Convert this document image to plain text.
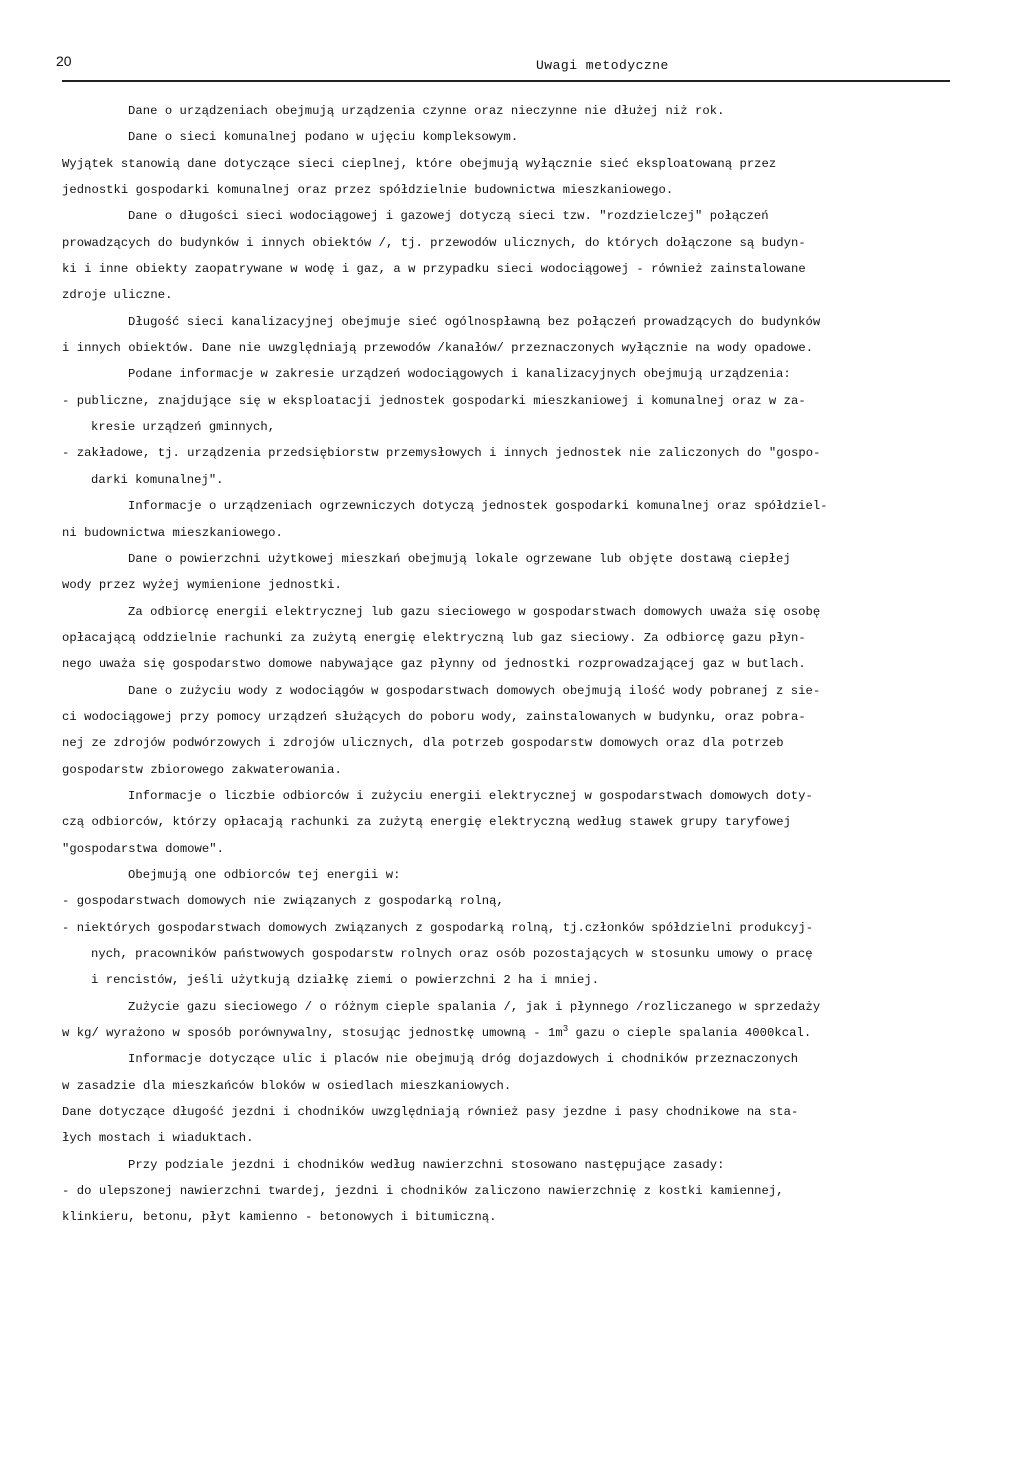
20	Uwagi metodyczne
Dane o urządzeniach obejmują urządzenia czynne oraz nieczynne nie dłużej niż rok.
Dane o sieci komunalnej podano w ujęciu kompleksowym.
Wyjątek stanowią dane dotyczące sieci cieplnej, które obejmują wyłącznie sieć eksploatowaną przez
jednostki gospodarki komunalnej oraz przez spółdzielnie budownictwa mieszkaniowego.
Dane o długości sieci wodociągowej i gazowej dotyczą sieci tzw. "rozdzielczej" połączeń
prowadzących do budynków i innych obiektów /, tj. przewodów ulicznych, do których dołączone są budyn-
ki i inne obiekty zaopatrywane w wodę i gaz, a w przypadku sieci wodociągowej - również zainstalowane
zdroje uliczne.
Długość sieci kanalizacyjnej obejmuje sieć ogólnospławną bez połączeń prowadzących do budynków
i innych obiektów. Dane nie uwzględniają przewodów /kanałów/ przeznaczonych wyłącznie na wody opadowe.
Podane informacje w zakresie urządzeń wodociągowych i kanalizacyjnych obejmują urządzenia:
- publiczne, znajdujące się w eksploatacji jednostek gospodarki mieszkaniowej i komunalnej oraz w za-
kresie urządzeń gminnych,
- zakładowe, tj. urządzenia przedsiębiorstw przemysłowych i innych jednostek nie zaliczonych do "gospo-
darki komunalnej".
Informacje o urządzeniach ogrzewniczych dotyczą jednostek gospodarki komunalnej oraz spółdziel-
ni budownictwa mieszkaniowego.
Dane o powierzchni użytkowej mieszkań obejmują lokale ogrzewane lub objęte dostawą ciepłej
wody przez wyżej wymienione jednostki.
Za odbiorcę energii elektrycznej lub gazu sieciowego w gospodarstwach domowych uważa się osobę
opłacającą oddzielnie rachunki za zużytą energię elektryczną lub gaz sieciowy. Za odbiorcę gazu płyn-
nego uważa się gospodarstwo domowe nabywające gaz płynny od jednostki rozprowadzającej gaz w butlach.
Dane o zużyciu wody z wodociągów w gospodarstwach domowych obejmują ilość wody pobranej z sie-
ci wodociągowej przy pomocy urządzeń służących do poboru wody, zainstalowanych w budynku, oraz pobra-
nej ze zdrojów podwórzowych i zdrojów ulicznych, dla potrzeb gospodarstw domowych oraz dla potrzeb
gospodarstw zbiorowego zakwaterowania.
Informacje o liczbie odbiorców i zużyciu energii elektrycznej w gospodarstwach domowych doty-
czą odbiorców, którzy opłacają rachunki za zużytą energię elektryczną według stawek grupy taryfowej
"gospodarstwa domowe".
Obejmują one odbiorców tej energii w:
- gospodarstwach domowych nie związanych z gospodarką rolną,
- niektórych gospodarstwach domowych związanych z gospodarką rolną, tj.członków spółdzielni produkcyj-
nych, pracowników państwowych gospodarstw rolnych oraz osób pozostających w stosunku umowy o pracę
i rencistów, jeśli użytkują działkę ziemi o powierzchni 2 ha i mniej.
Zużycie gazu sieciowego / o różnym cieple spalania /, jak i płynnego /rozliczanego w sprzedaży
w kg/ wyrażono w sposób porównywalny, stosując jednostkę umowną - $1m^3$ gazu o cieple spalania 4000kcal.
Informacje dotyczące ulic i placów nie obejmują dróg dojazdowych i chodników przeznaczonych
w zasadzie dla mieszkańców bloków w osiedlach mieszkaniowych.
Dane dotyczące długość jezdni i chodników uwzględniają również pasy jezdne i pasy chodnikowe na sta-
łych mostach i wiaduktach.
Przy podziale jezdni i chodników według nawierzchni stosowano następujące zasady:
- do ulepszonej nawierzchni twardej, jezdni i chodników zaliczono nawierzchnię z kostki kamiennej,
klinkieru, betonu, płyt kamienno - betonowych i bitumiczną.
